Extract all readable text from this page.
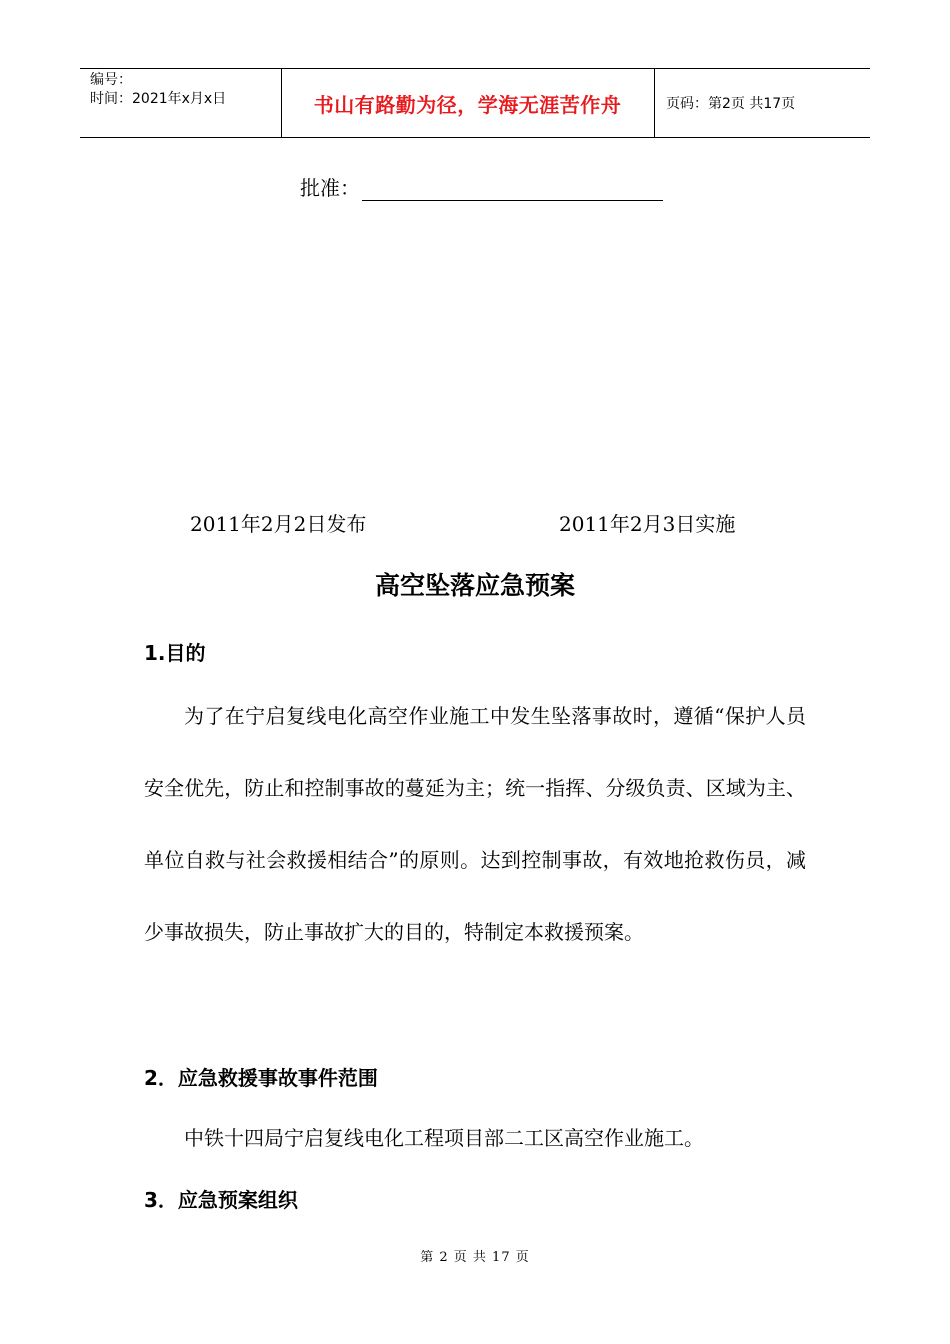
编号：
时间：2021年x月x日	书山有路勤为径，学海无涯苦作舟	页码：第2页 共17页
批准：
2011年2月2日发布	2011年2月3日实施
高空坠落应急预案
1.目的
为了在宁启复线电化高空作业施工中发生坠落事故时，遵循“保护人员安全优先，防止和控制事故的蔓延为主；统一指挥、分级负责、区域为主、单位自救与社会救援相结合”的原则。达到控制事故，有效地抢救伤员，减少事故损失，防止事故扩大的目的，特制定本救援预案。
2．应急救援事故事件范围
中铁十四局宁启复线电化工程项目部二工区高空作业施工。
3．应急预案组织
第 2 页 共 17 页
